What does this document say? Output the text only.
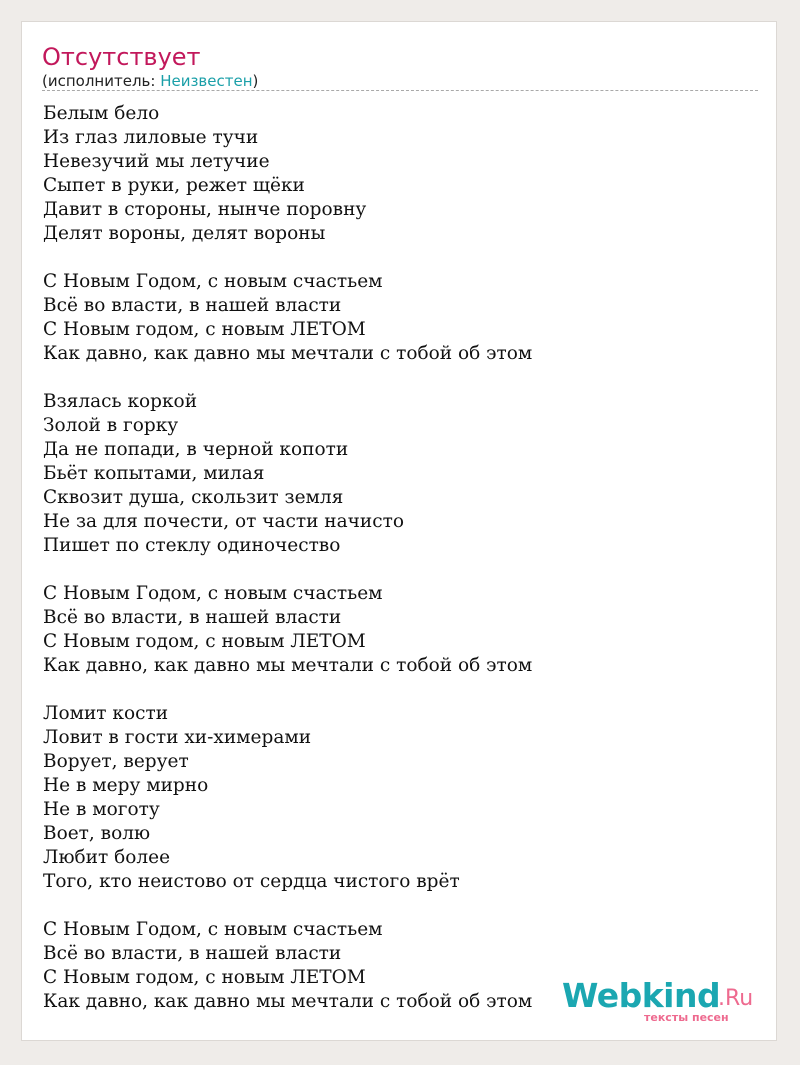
Отсутствует
(исполнитель: Неизвестен)
Белым бело
Из глаз лиловые тучи
Невезучий мы летучие
Сыпет в руки, режет щёки
Давит в стороны, нынче поровну
Делят вороны, делят вороны
С Новым Годом, с новым счастьем
Всё во власти, в нашей власти
С Новым годом, с новым ЛЕТОМ
Как давно, как давно мы мечтали с тобой об этом
Взялась коркой
Золой в горку
Да не попади, в черной копоти
Бьёт копытами, милая
Сквозит душа, скользит земля
Не за для почести, от части начисто
Пишет по стеклу одиночество
С Новым Годом, с новым счастьем
Всё во власти, в нашей власти
С Новым годом, с новым ЛЕТОМ
Как давно, как давно мы мечтали с тобой об этом
Ломит кости
Ловит в гости хи-химерами
Ворует, верует
Не в меру мирно
Не в моготу
Воет, волю
Любит более
Того, кто неистово от сердца чистого врёт
С Новым Годом, с новым счастьем
Всё во власти, в нашей власти
С Новым годом, с новым ЛЕТОМ
Как давно, как давно мы мечтали с тобой об этом Webkind
.Ru
тексты песен
